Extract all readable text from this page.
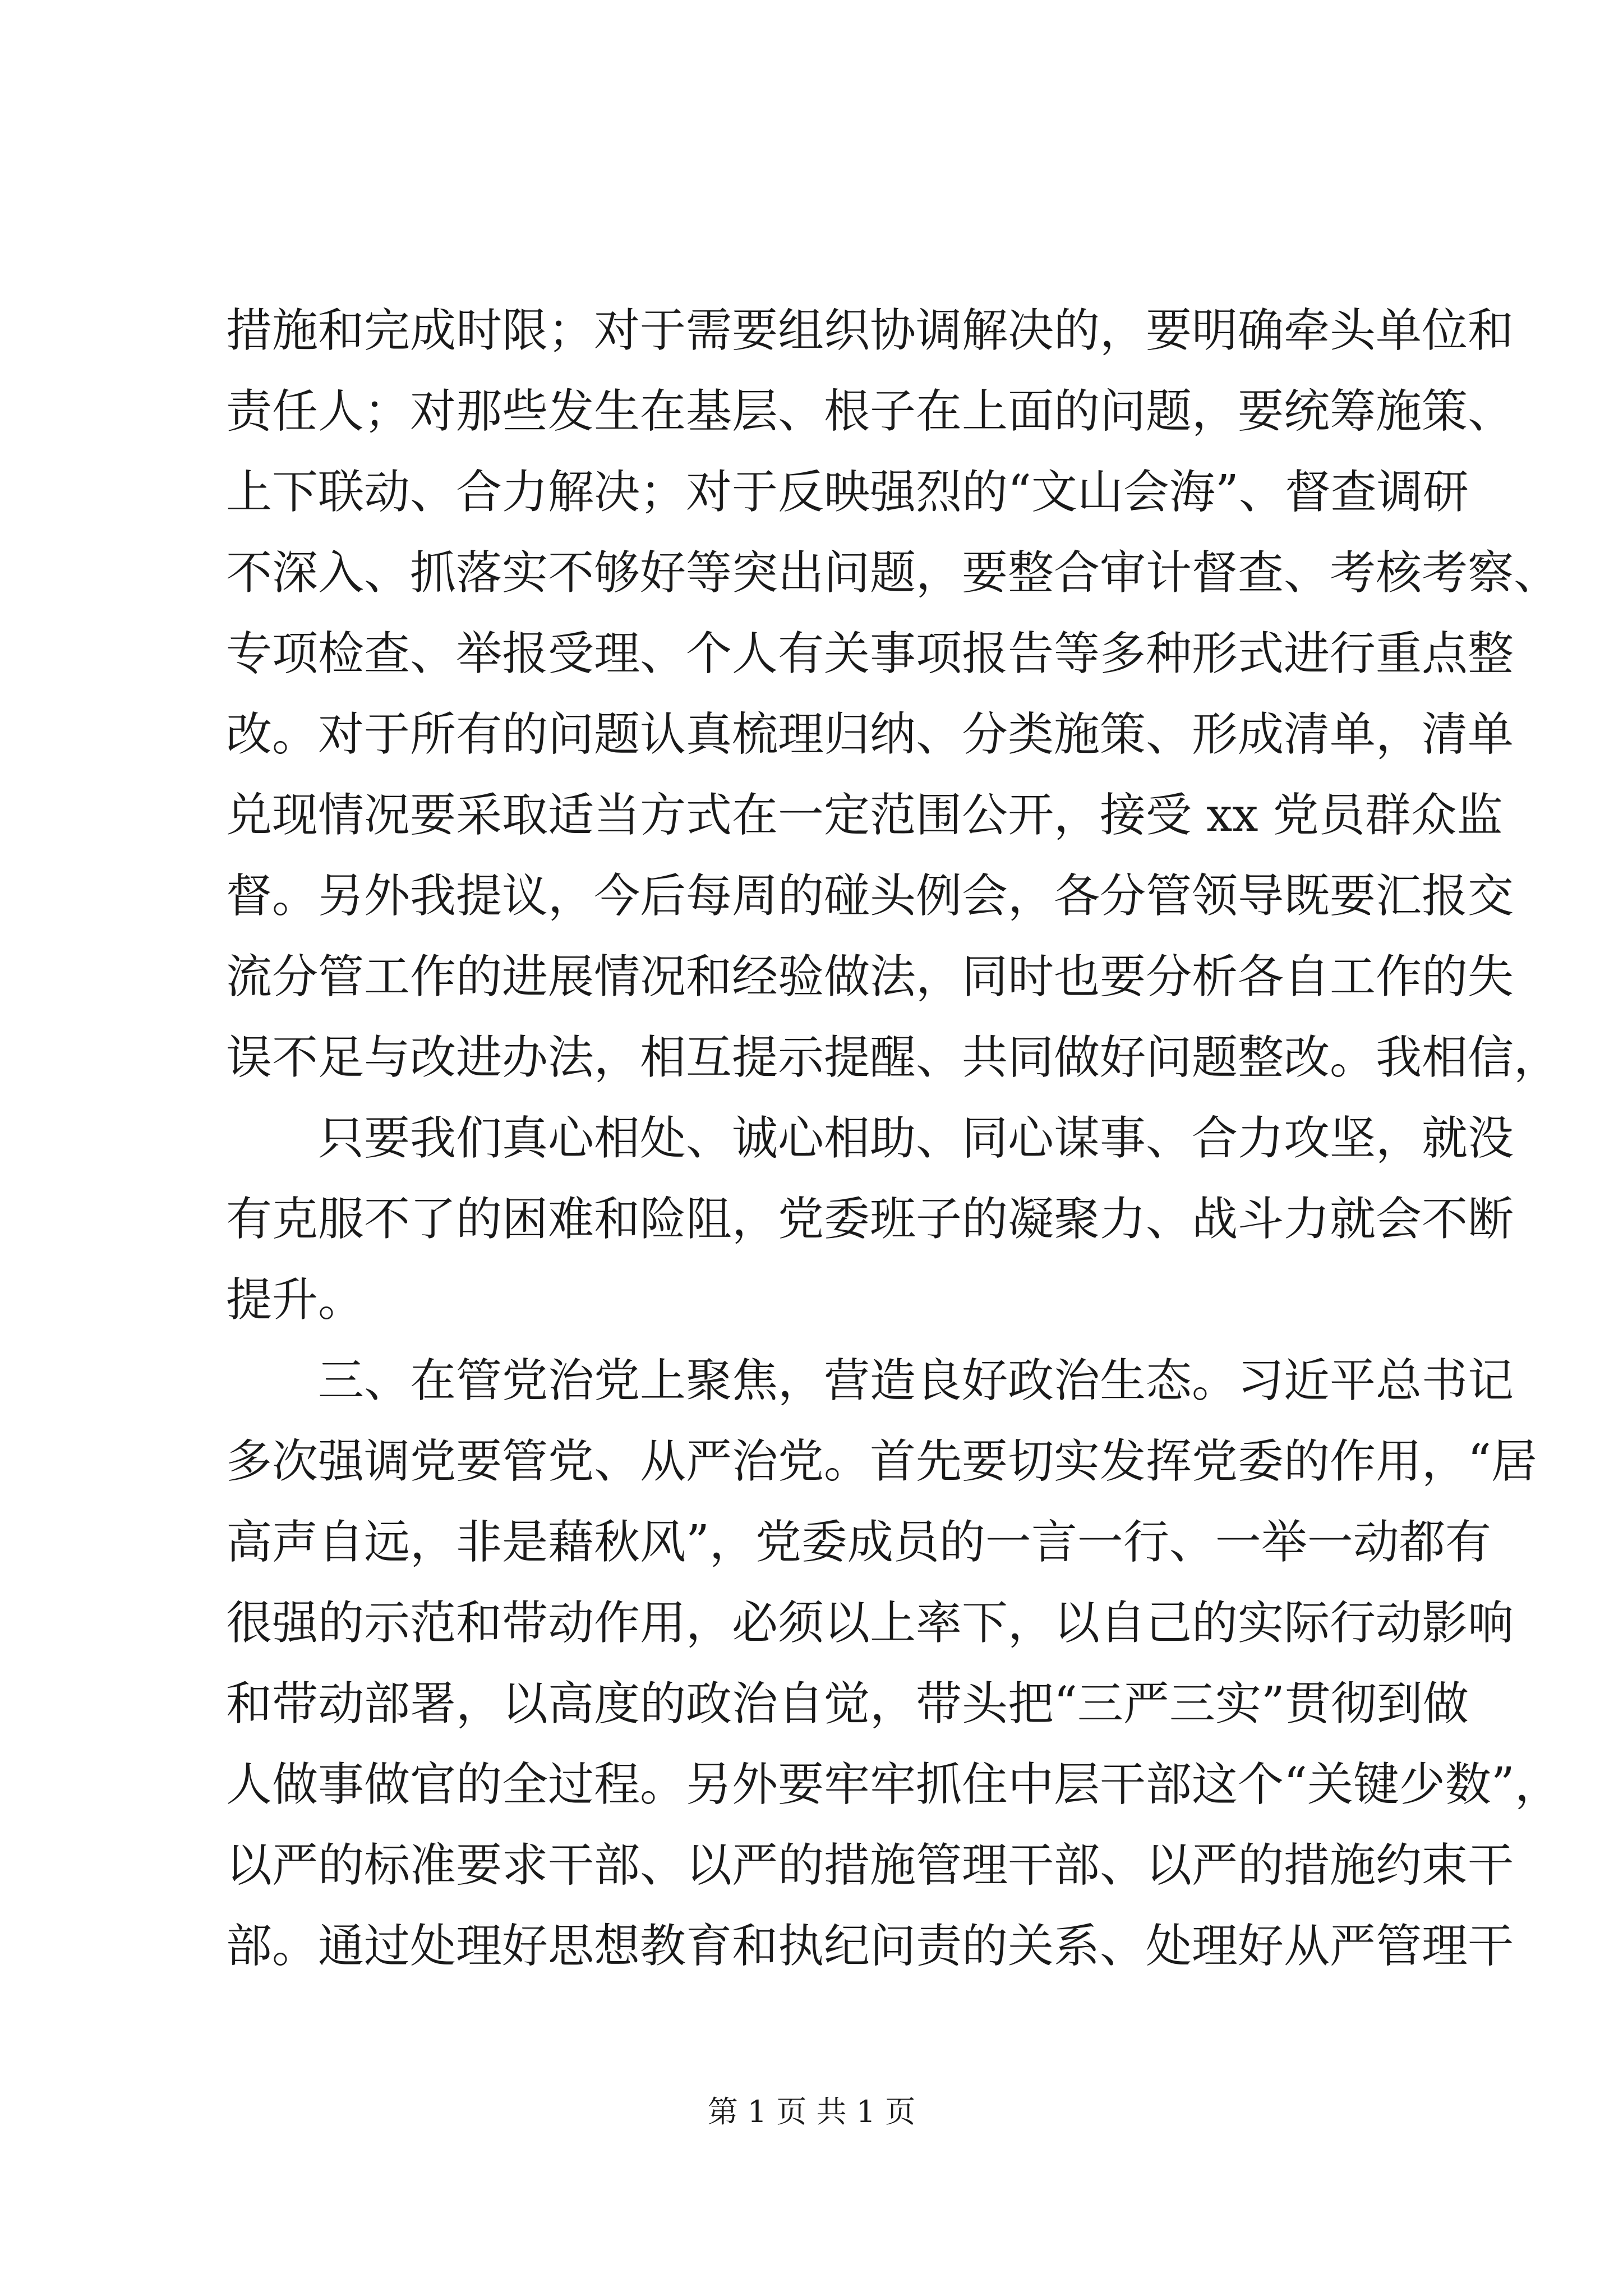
措施和完成时限；对于需要组织协调解决的，要明确牵头单位和
责任人；对那些发生在基层、根子在上面的问题，要统筹施策、
上下联动、合力解决；对于反映强烈的“文山会海”、督查调研
不深入、抓落实不够好等突出问题，要整合审计督查、考核考察、
专项检查、举报受理、个人有关事项报告等多种形式进行重点整
改。对于所有的问题认真梳理归纳、分类施策、形成清单，清单
兑现情况要采取适当方式在一定范围公开，接受 xx 党员群众监
督。另外我提议，今后每周的碰头例会，各分管领导既要汇报交
流分管工作的进展情况和经验做法，同时也要分析各自工作的失
误不足与改进办法，相互提示提醒、共同做好问题整改。我相信，
只要我们真心相处、诚心相助、同心谋事、合力攻坚，就没
有克服不了的困难和险阻，党委班子的凝聚力、战斗力就会不断
提升。
三、在管党治党上聚焦，营造良好政治生态。习近平总书记
多次强调党要管党、从严治党。首先要切实发挥党委的作用，“居
高声自远，非是藉秋风”，党委成员的一言一行、一举一动都有
很强的示范和带动作用，必须以上率下，以自己的实际行动影响
和带动部署，以高度的政治自觉，带头把“三严三实”贯彻到做
人做事做官的全过程。另外要牢牢抓住中层干部这个“关键少数”，
以严的标准要求干部、以严的措施管理干部、以严的措施约束干
部。通过处理好思想教育和执纪问责的关系、处理好从严管理干
第 1 页 共 1 页
